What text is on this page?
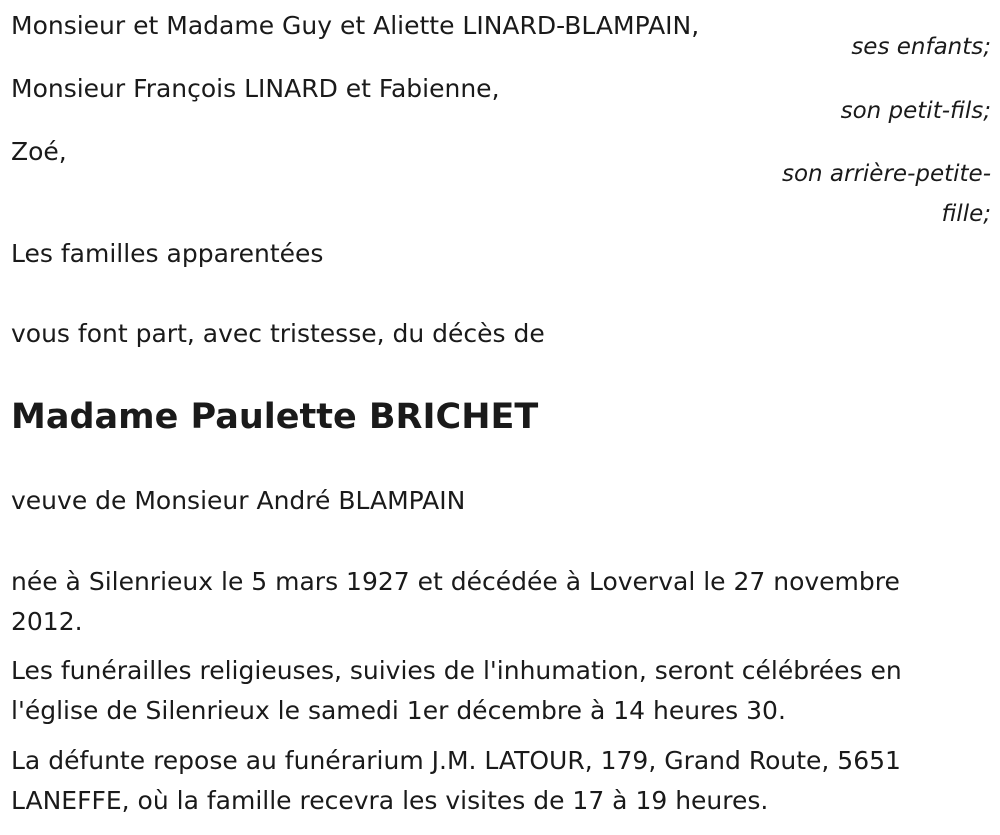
Monsieur et Madame Guy et Aliette LINARD-BLAMPAIN,
ses enfants;
Monsieur François LINARD et Fabienne,
son petit-fils;
Zoé,
son arrière-petite-
fille;
Les familles apparentées
vous font part, avec tristesse, du décès de
Madame Paulette BRICHET
veuve de Monsieur André BLAMPAIN
née à Silenrieux le 5 mars 1927 et décédée à Loverval le 27 novembre 2012.
Les funérailles religieuses, suivies de l'inhumation, seront célébrées en l'église de Silenrieux le samedi 1er décembre à 14 heures 30.
La défunte repose au funérarium J.M. LATOUR, 179, Grand Route, 5651 LANEFFE, où la famille recevra les visites de 17 à 19 heures.
